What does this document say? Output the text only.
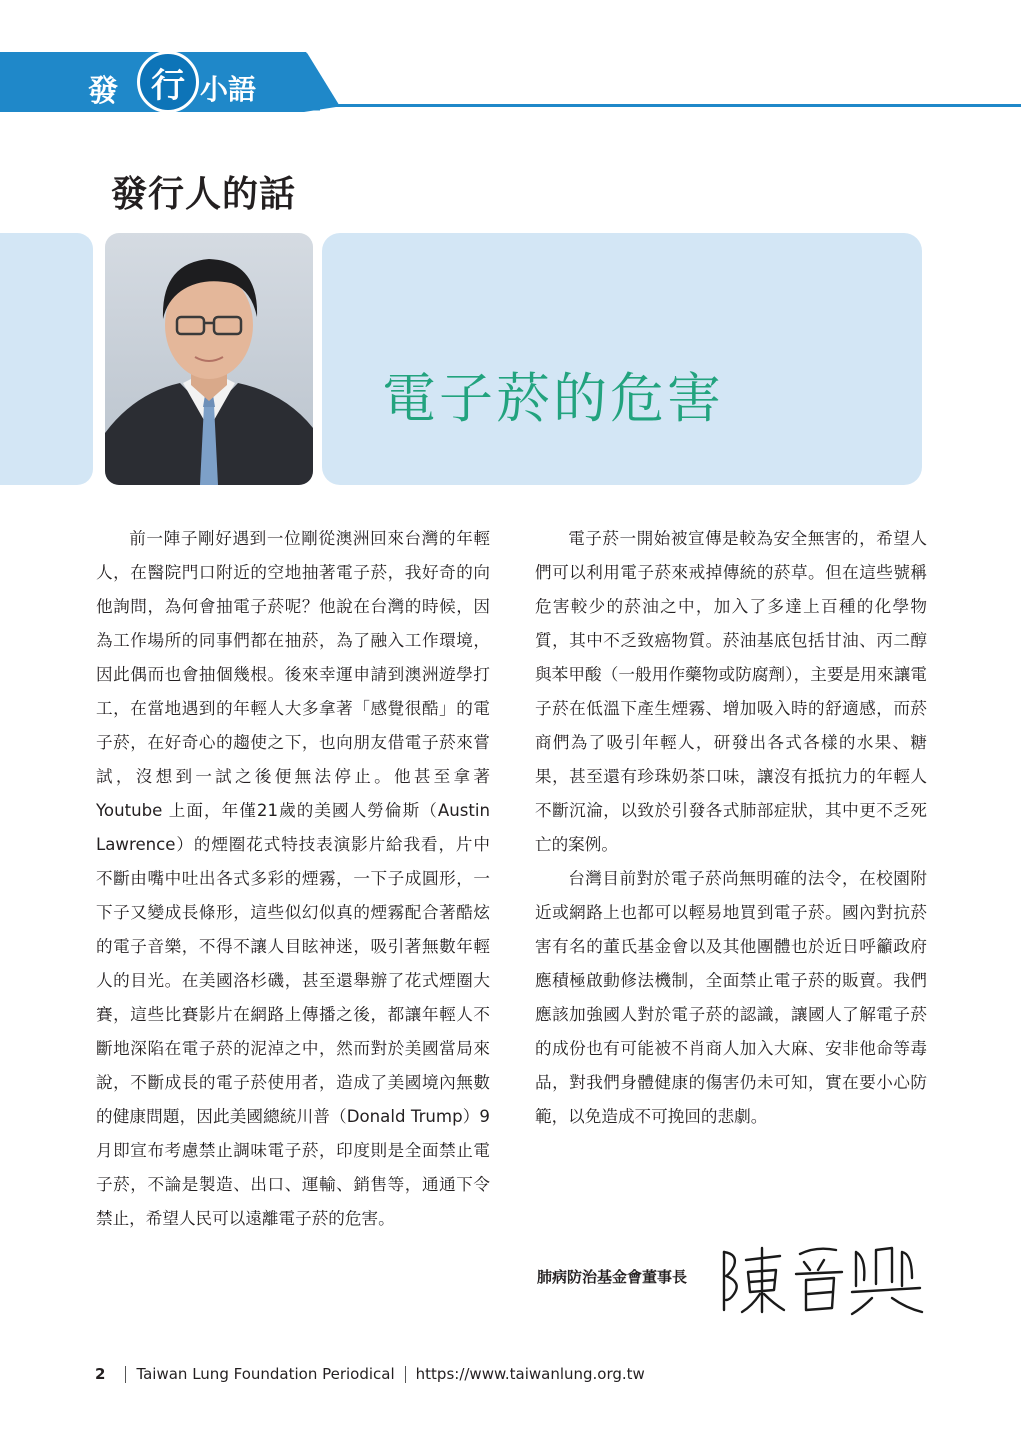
發 行 小語
發行人的話
電子菸的危害

前一陣子剛好遇到一位剛從澳洲回來台灣的年輕人，在醫院門口附近的空地抽著電子菸，我好奇的向他詢問，為何會抽電子菸呢？他說在台灣的時候，因為工作場所的同事們都在抽菸，為了融入工作環境，因此偶而也會抽個幾根。後來幸運申請到澳洲遊學打工，在當地遇到的年輕人大多拿著「感覺很酷」的電子菸，在好奇心的趨使之下，也向朋友借電子菸來嘗試，沒想到一試之後便無法停止。他甚至拿著Youtube 上面，年僅21歲的美國人勞倫斯（Austin Lawrence）的煙圈花式特技表演影片給我看，片中不斷由嘴中吐出各式多彩的煙霧，一下子成圓形，一下子又變成長條形，這些似幻似真的煙霧配合著酷炫的電子音樂，不得不讓人目眩神迷，吸引著無數年輕人的目光。在美國洛杉磯，甚至還舉辦了花式煙圈大賽，這些比賽影片在網路上傳播之後，都讓年輕人不斷地深陷在電子菸的泥淖之中，然而對於美國當局來說，不斷成長的電子菸使用者，造成了美國境內無數的健康問題，因此美國總統川普（Donald Trump）9 月即宣布考慮禁止調味電子菸，印度則是全面禁止電子菸，不論是製造、出口、運輸、銷售等，通通下令禁止，希望人民可以遠離電子菸的危害。

電子菸一開始被宣傳是較為安全無害的，希望人們可以利用電子菸來戒掉傳統的菸草。但在這些號稱危害較少的菸油之中，加入了多達上百種的化學物質，其中不乏致癌物質。菸油基底包括甘油、丙二醇與苯甲酸（一般用作藥物或防腐劑），主要是用來讓電子菸在低溫下產生煙霧、增加吸入時的舒適感，而菸商們為了吸引年輕人，研發出各式各樣的水果、糖果，甚至還有珍珠奶茶口味，讓沒有抵抗力的年輕人不斷沉淪，以致於引發各式肺部症狀，其中更不乏死亡的案例。

台灣目前對於電子菸尚無明確的法令，在校園附近或網路上也都可以輕易地買到電子菸。國內對抗菸害有名的董氏基金會以及其他團體也於近日呼籲政府應積極啟動修法機制，全面禁止電子菸的販賣。我們應該加強國人對於電子菸的認識，讓國人了解電子菸的成份也有可能被不肖商人加入大麻、安非他命等毒品，對我們身體健康的傷害仍未可知，實在要小心防範，以免造成不可挽回的悲劇。

肺病防治基金會董事長
2 Taiwan Lung Foundation Periodical https://www.taiwanlung.org.tw
